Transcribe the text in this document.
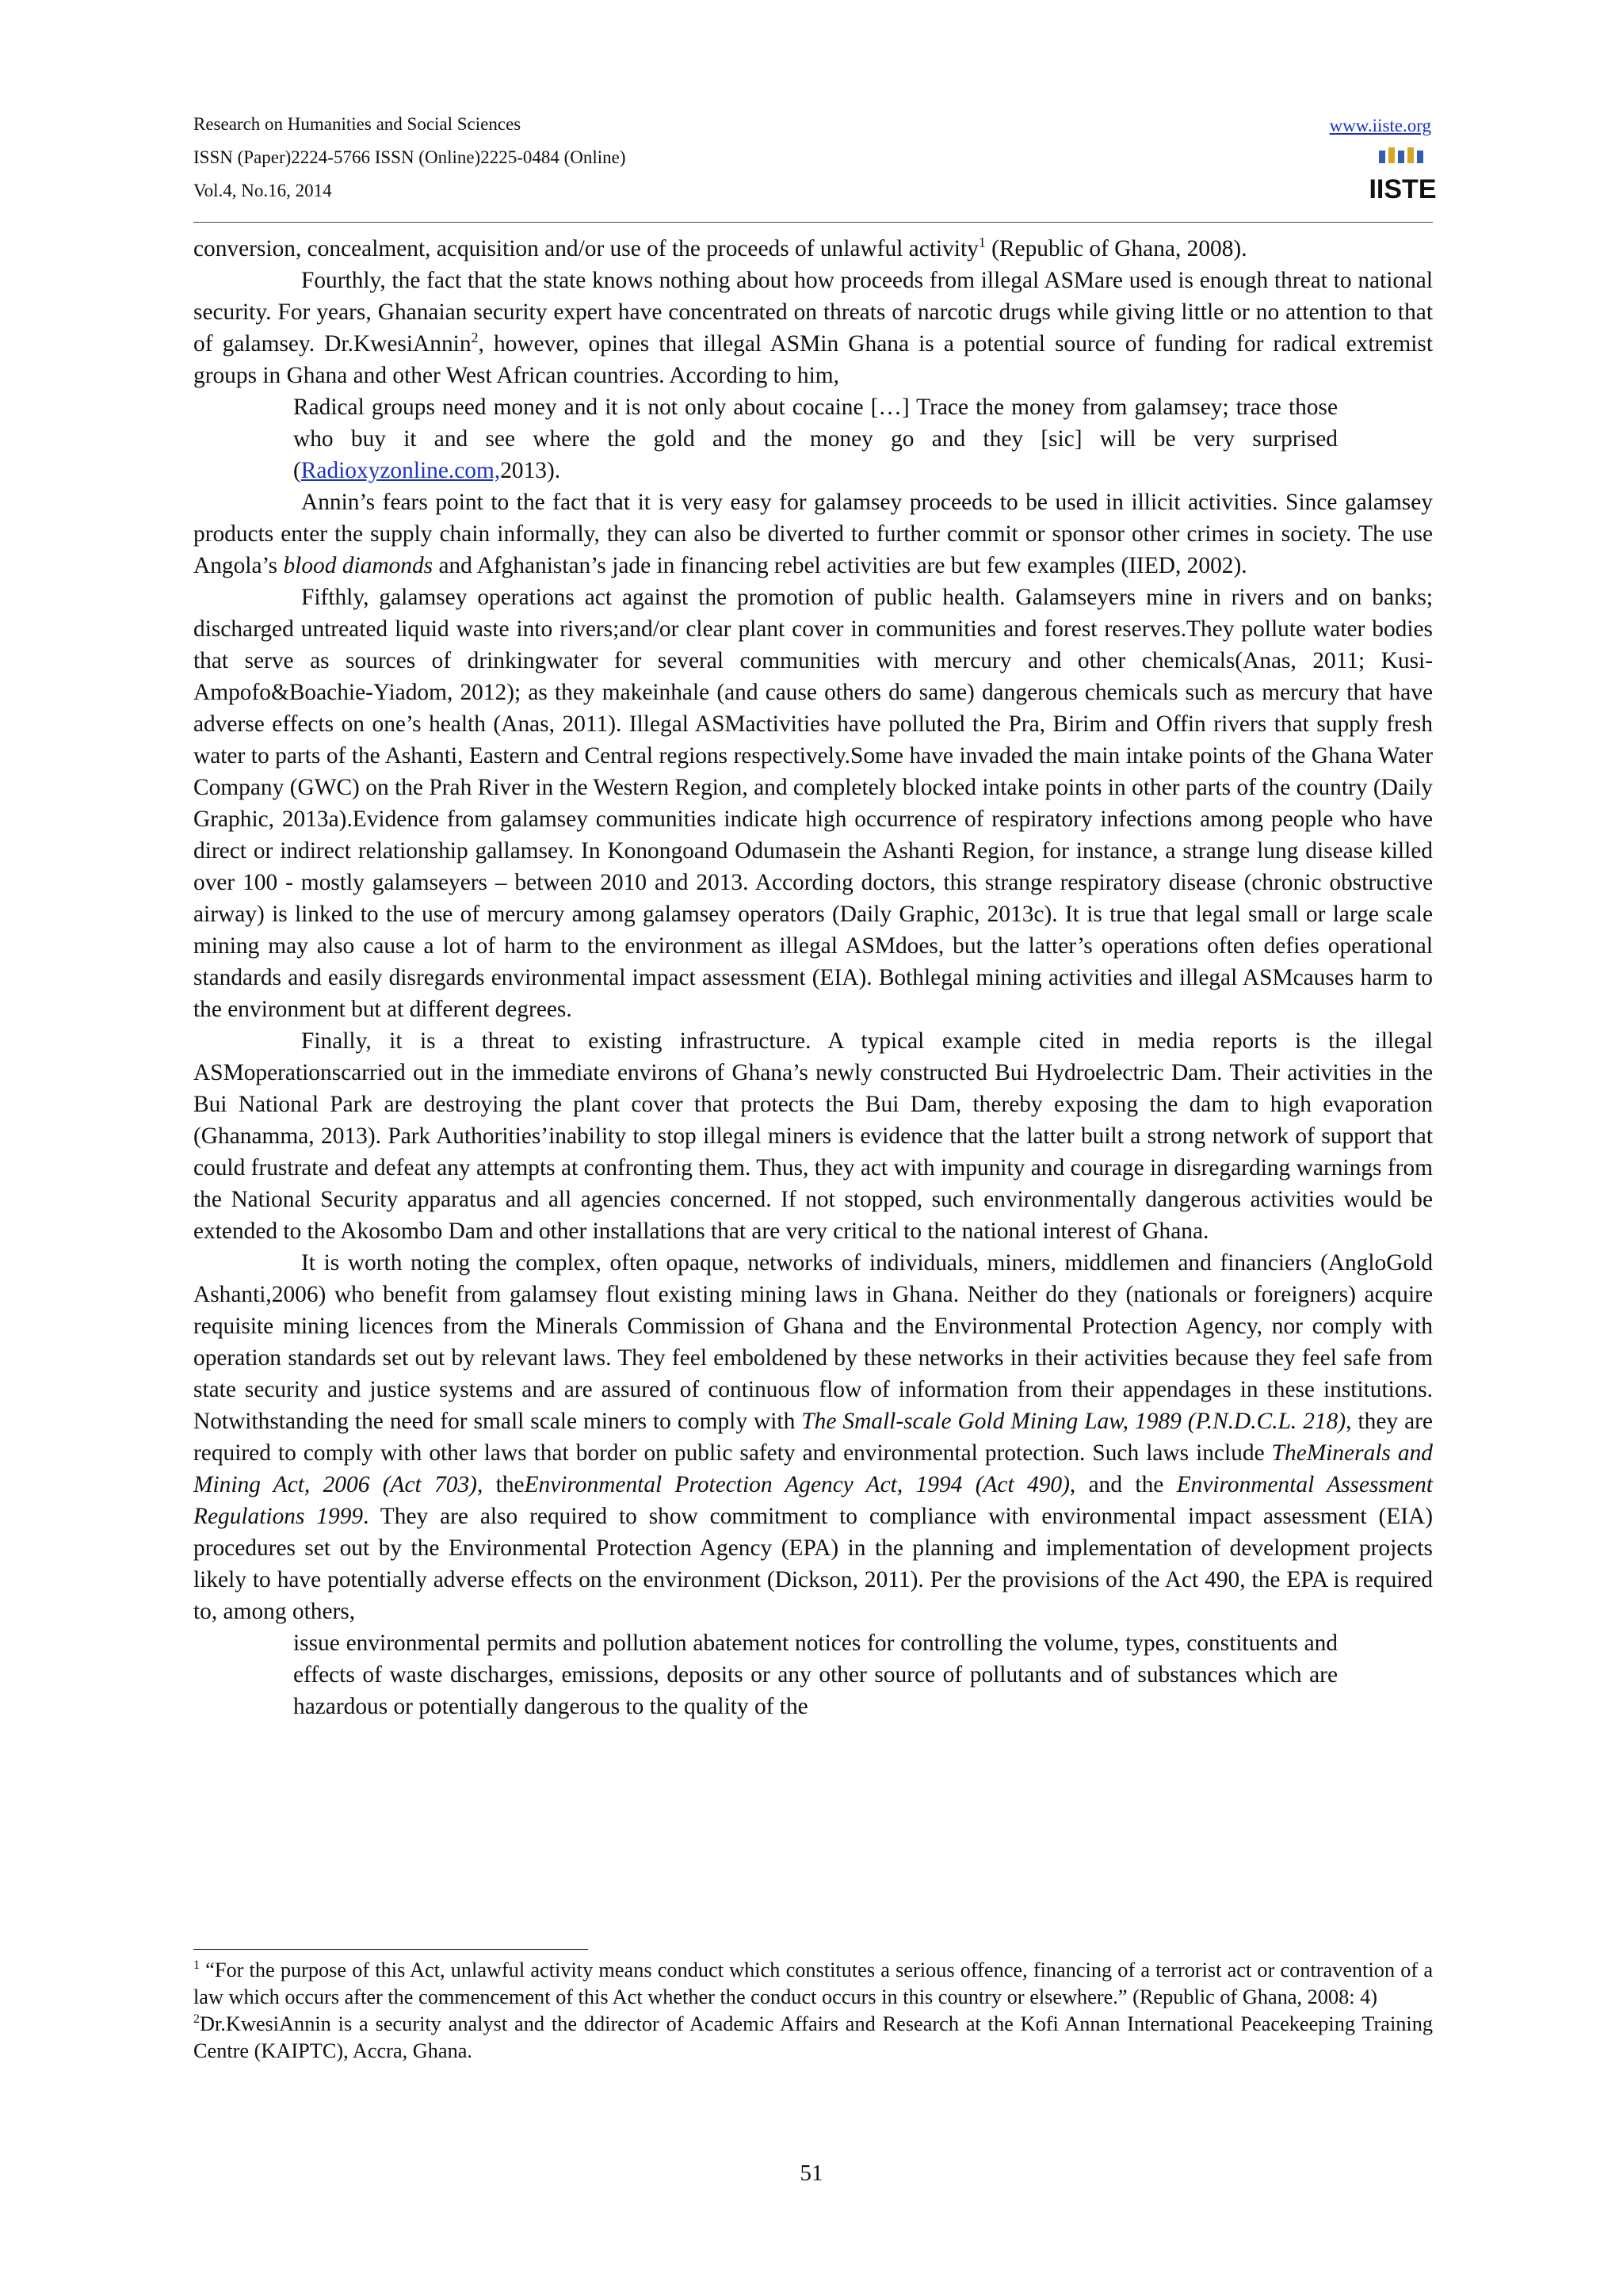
Research on Humanities and Social Sciences
ISSN (Paper)2224-5766 ISSN (Online)2225-0484 (Online)
Vol.4, No.16, 2014
www.iiste.org
IISTE

conversion, concealment, acquisition and/or use of the proceeds of unlawful activity$^1$ (Republic of Ghana, 2008).

Fourthly, the fact that the state knows nothing about how proceeds from illegal ASMare used is enough threat to national security. For years, Ghanaian security expert have concentrated on threats of narcotic drugs while giving little or no attention to that of galamsey. Dr.KwesiAnnin$^2$, however, opines that illegal ASMin Ghana is a potential source of funding for radical extremist groups in Ghana and other West African countries. According to him,

Radical groups need money and it is not only about cocaine […] Trace the money from galamsey; trace those who buy it and see where the gold and the money go and they [sic] will be very surprised (Radioxyzonline.com,2013).

Annin’s fears point to the fact that it is very easy for galamsey proceeds to be used in illicit activities. Since galamsey products enter the supply chain informally, they can also be diverted to further commit or sponsor other crimes in society. The use Angola’s blood diamonds and Afghanistan’s jade in financing rebel activities are but few examples (IIED, 2002).

Fifthly, galamsey operations act against the promotion of public health. Galamseyers mine in rivers and on banks; discharged untreated liquid waste into rivers;and/or clear plant cover in communities and forest reserves.They pollute water bodies that serve as sources of drinkingwater for several communities with mercury and other chemicals(Anas, 2011; Kusi-Ampofo&Boachie-Yiadom, 2012); as they makeinhale (and cause others do same) dangerous chemicals such as mercury that have adverse effects on one’s health (Anas, 2011). Illegal ASMactivities have polluted the Pra, Birim and Offin rivers that supply fresh water to parts of the Ashanti, Eastern and Central regions respectively.Some have invaded the main intake points of the Ghana Water Company (GWC) on the Prah River in the Western Region, and completely blocked intake points in other parts of the country (Daily Graphic, 2013a).Evidence from galamsey communities indicate high occurrence of respiratory infections among people who have direct or indirect relationship gallamsey. In Konongoand Odumasein the Ashanti Region, for instance, a strange lung disease killed over 100 - mostly galamseyers – between 2010 and 2013. According doctors, this strange respiratory disease (chronic obstructive airway) is linked to the use of mercury among galamsey operators (Daily Graphic, 2013c). It is true that legal small or large scale mining may also cause a lot of harm to the environment as illegal ASMdoes, but the latter’s operations often defies operational standards and easily disregards environmental impact assessment (EIA). Bothlegal mining activities and illegal ASMcauses harm to the environment but at different degrees.

Finally, it is a threat to existing infrastructure. A typical example cited in media reports is the illegal ASMoperationscarried out in the immediate environs of Ghana’s newly constructed Bui Hydroelectric Dam. Their activities in the Bui National Park are destroying the plant cover that protects the Bui Dam, thereby exposing the dam to high evaporation (Ghanamma, 2013). Park Authorities’inability to stop illegal miners is evidence that the latter built a strong network of support that could frustrate and defeat any attempts at confronting them. Thus, they act with impunity and courage in disregarding warnings from the National Security apparatus and all agencies concerned. If not stopped, such environmentally dangerous activities would be extended to the Akosombo Dam and other installations that are very critical to the national interest of Ghana.

It is worth noting the complex, often opaque, networks of individuals, miners, middlemen and financiers (AngloGold Ashanti,2006) who benefit from galamsey flout existing mining laws in Ghana. Neither do they (nationals or foreigners) acquire requisite mining licences from the Minerals Commission of Ghana and the Environmental Protection Agency, nor comply with operation standards set out by relevant laws. They feel emboldened by these networks in their activities because they feel safe from state security and justice systems and are assured of continuous flow of information from their appendages in these institutions. Notwithstanding the need for small scale miners to comply with The Small-scale Gold Mining Law, 1989 (P.N.D.C.L. 218), they are required to comply with other laws that border on public safety and environmental protection. Such laws include TheMinerals and Mining Act, 2006 (Act 703), theEnvironmental Protection Agency Act, 1994 (Act 490), and the Environmental Assessment Regulations 1999. They are also required to show commitment to compliance with environmental impact assessment (EIA) procedures set out by the Environmental Protection Agency (EPA) in the planning and implementation of development projects likely to have potentially adverse effects on the environment (Dickson, 2011). Per the provisions of the Act 490, the EPA is required to, among others,

issue environmental permits and pollution abatement notices for controlling the volume, types, constituents and effects of waste discharges, emissions, deposits or any other source of pollutants and of substances which are hazardous or potentially dangerous to the quality of the

$^1$ “For the purpose of this Act, unlawful activity means conduct which constitutes a serious offence, financing of a terrorist act or contravention of a law which occurs after the commencement of this Act whether the conduct occurs in this country or elsewhere.” (Republic of Ghana, 2008: 4)

$^2$Dr.KwesiAnnin is a security analyst and the ddirector of Academic Affairs and Research at the Kofi Annan International Peacekeeping Training Centre (KAIPTC), Accra, Ghana.

51
